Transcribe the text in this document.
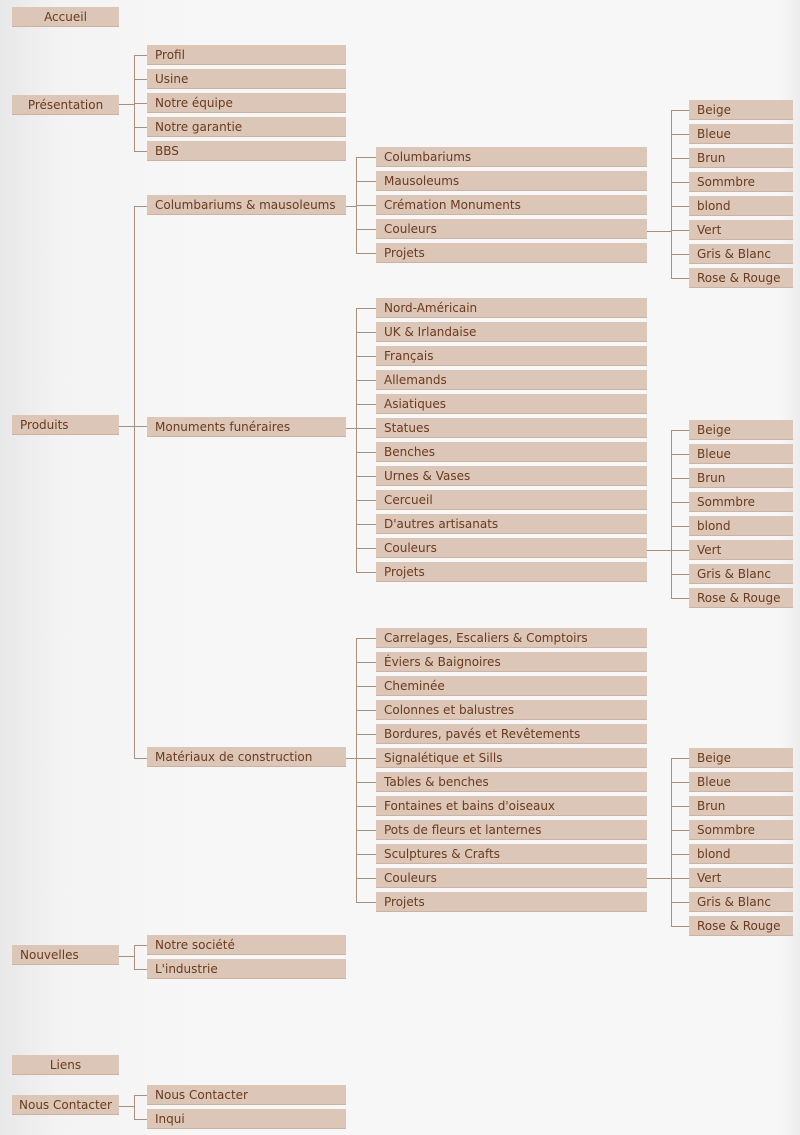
Accueil
Présentation
Profil
Usine
Notre équipe
Notre garantie
BBS
Produits
Columbariums & mausoleums
Columbariums
Mausoleums
Crémation Monuments
Couleurs
Projets
Beige
Bleue
Brun
Sommbre
blond
Vert
Gris & Blanc
Rose & Rouge
Monuments funéraires
Nord-Américain
UK & Irlandaise
Français
Allemands
Asiatiques
Statues
Benches
Urnes & Vases
Cercueil
D'autres artisanats
Couleurs
Projets
Beige
Bleue
Brun
Sommbre
blond
Vert
Gris & Blanc
Rose & Rouge
Matériaux de construction
Carrelages, Escaliers & Comptoirs
Éviers & Baignoires
Cheminée
Colonnes et balustres
Bordures, pavés et Revêtements
Signalétique et Sills
Tables & benches
Fontaines et bains d'oiseaux
Pots de fleurs et lanternes
Sculptures & Crafts
Couleurs
Projets
Beige
Bleue
Brun
Sommbre
blond
Vert
Gris & Blanc
Rose & Rouge
Nouvelles
Notre société
L'industrie
Liens
Nous Contacter
Nous Contacter
Inqui
